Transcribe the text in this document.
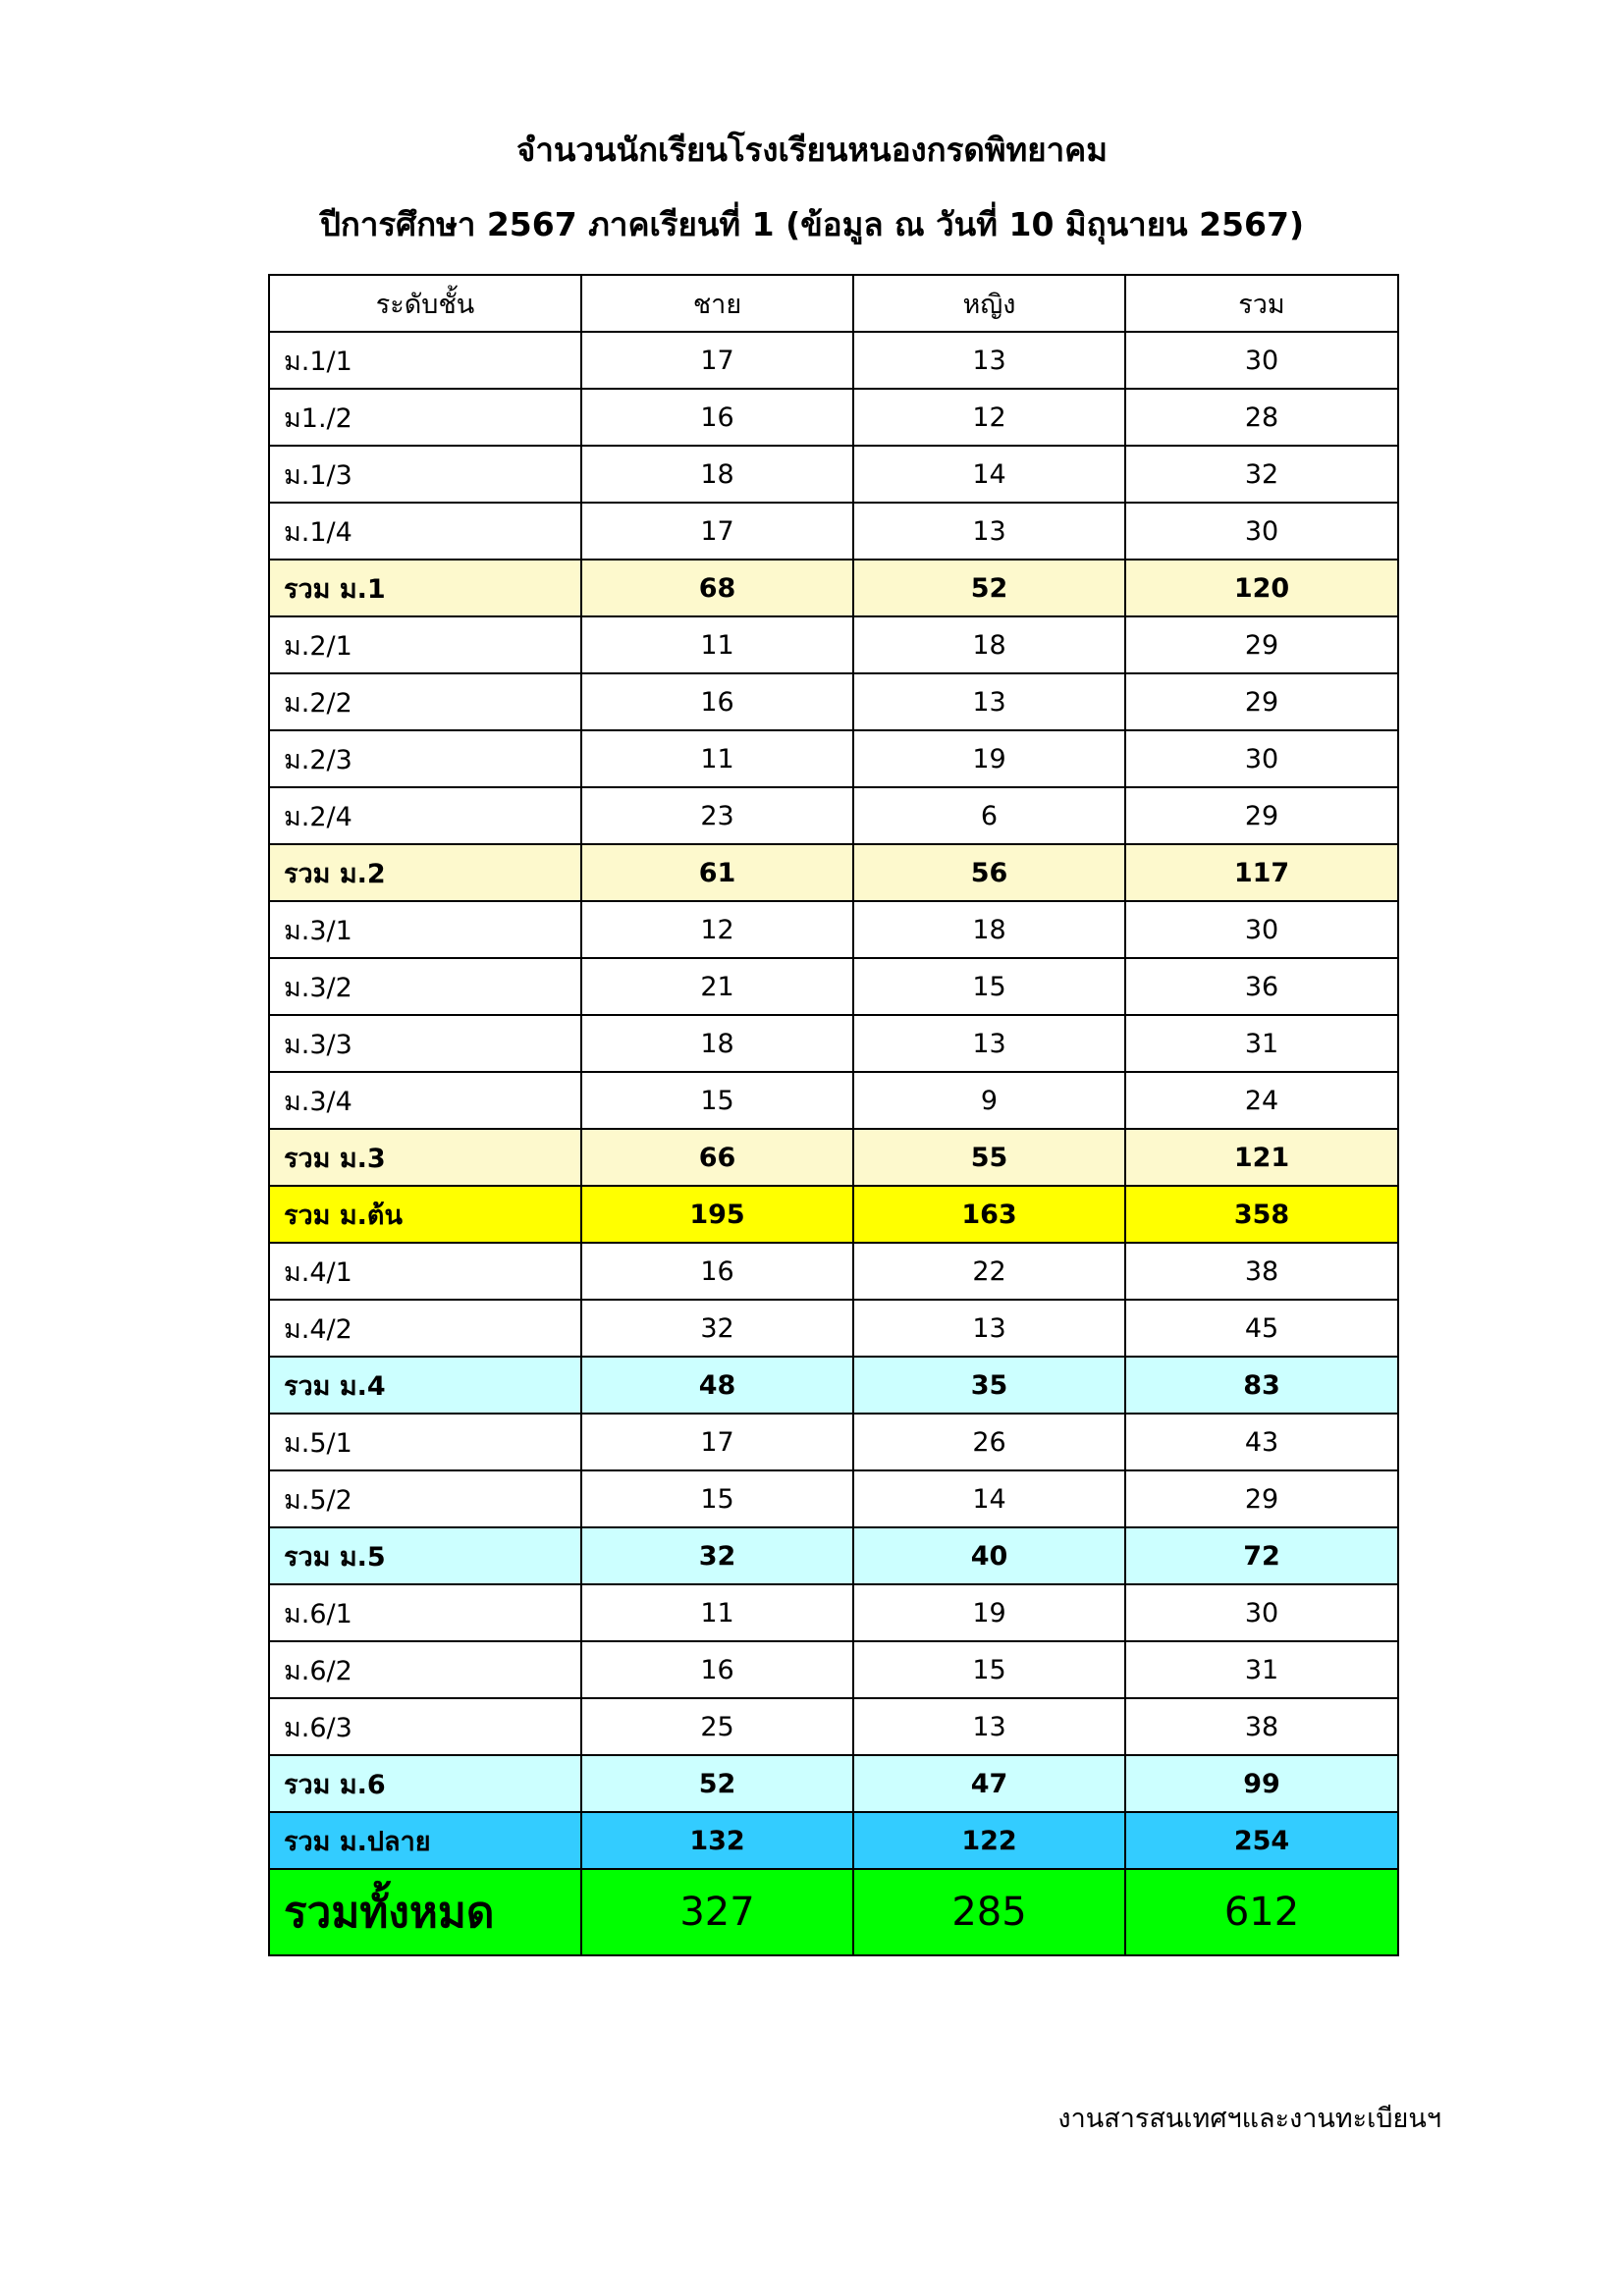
จำนวนนักเรียนโรงเรียนหนองกรดพิทยาคม
ปีการศึกษา 2567 ภาคเรียนที่ 1 (ข้อมูล ณ วันที่ 10 มิถุนายน 2567)
ระดับชั้น	ชาย	หญิง	รวม
ม.1/1	17	13	30
ม1./2	16	12	28
ม.1/3	18	14	32
ม.1/4	17	13	30
รวม ม.1	68	52	120
ม.2/1	11	18	29
ม.2/2	16	13	29
ม.2/3	11	19	30
ม.2/4	23	6	29
รวม ม.2	61	56	117
ม.3/1	12	18	30
ม.3/2	21	15	36
ม.3/3	18	13	31
ม.3/4	15	9	24
รวม ม.3	66	55	121
รวม ม.ต้น	195	163	358
ม.4/1	16	22	38
ม.4/2	32	13	45
รวม ม.4	48	35	83
ม.5/1	17	26	43
ม.5/2	15	14	29
รวม ม.5	32	40	72
ม.6/1	11	19	30
ม.6/2	16	15	31
ม.6/3	25	13	38
รวม ม.6	52	47	99
รวม ม.ปลาย	132	122	254
รวมทั้งหมด	327	285	612
งานสารสนเทศฯและงานทะเบียนฯ
